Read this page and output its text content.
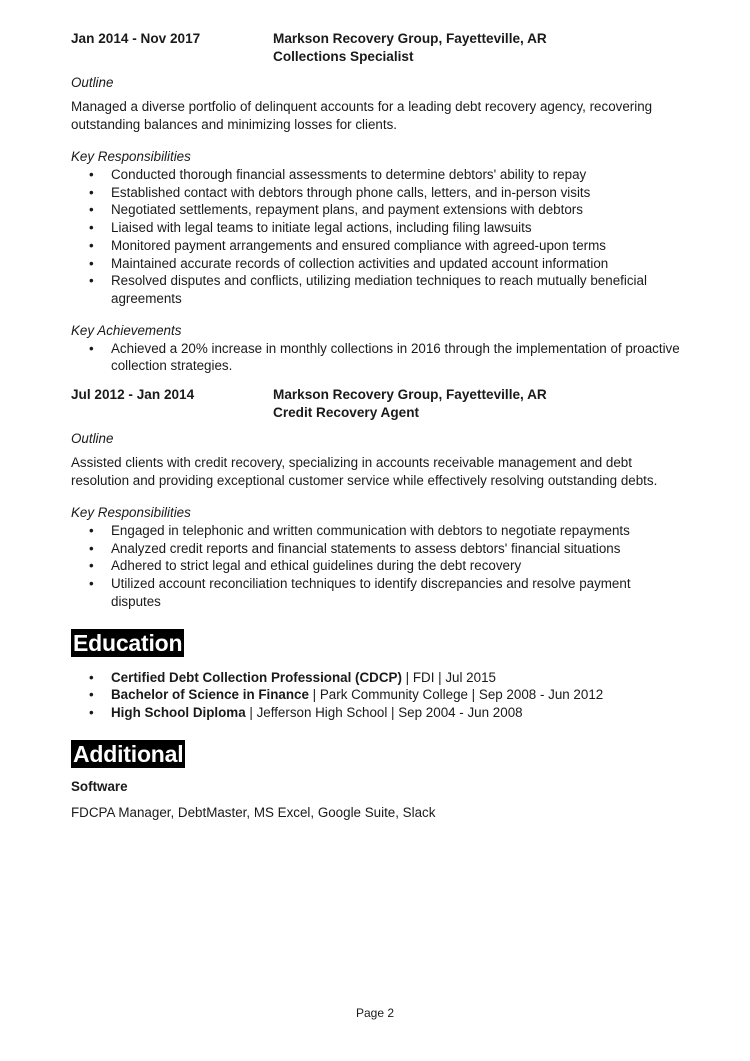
Jan 2014 - Nov 2017	Markson Recovery Group, Fayetteville, AR
Collections Specialist
Outline
Managed a diverse portfolio of delinquent accounts for a leading debt recovery agency, recovering outstanding balances and minimizing losses for clients.
Key Responsibilities
• Conducted thorough financial assessments to determine debtors' ability to repay
• Established contact with debtors through phone calls, letters, and in-person visits
• Negotiated settlements, repayment plans, and payment extensions with debtors
• Liaised with legal teams to initiate legal actions, including filing lawsuits
• Monitored payment arrangements and ensured compliance with agreed-upon terms
• Maintained accurate records of collection activities and updated account information
• Resolved disputes and conflicts, utilizing mediation techniques to reach mutually beneficial agreements
Key Achievements
• Achieved a 20% increase in monthly collections in 2016 through the implementation of proactive collection strategies.
Jul 2012 - Jan 2014	Markson Recovery Group, Fayetteville, AR
Credit Recovery Agent
Outline
Assisted clients with credit recovery, specializing in accounts receivable management and debt resolution and providing exceptional customer service while effectively resolving outstanding debts.
Key Responsibilities
• Engaged in telephonic and written communication with debtors to negotiate repayments
• Analyzed credit reports and financial statements to assess debtors' financial situations
• Adhered to strict legal and ethical guidelines during the debt recovery
• Utilized account reconciliation techniques to identify discrepancies and resolve payment disputes
Education
• Certified Debt Collection Professional (CDCP) | FDI | Jul 2015
• Bachelor of Science in Finance | Park Community College | Sep 2008 - Jun 2012
• High School Diploma | Jefferson High School | Sep 2004 - Jun 2008
Additional
Software
FDCPA Manager, DebtMaster, MS Excel, Google Suite, Slack
Page 2
